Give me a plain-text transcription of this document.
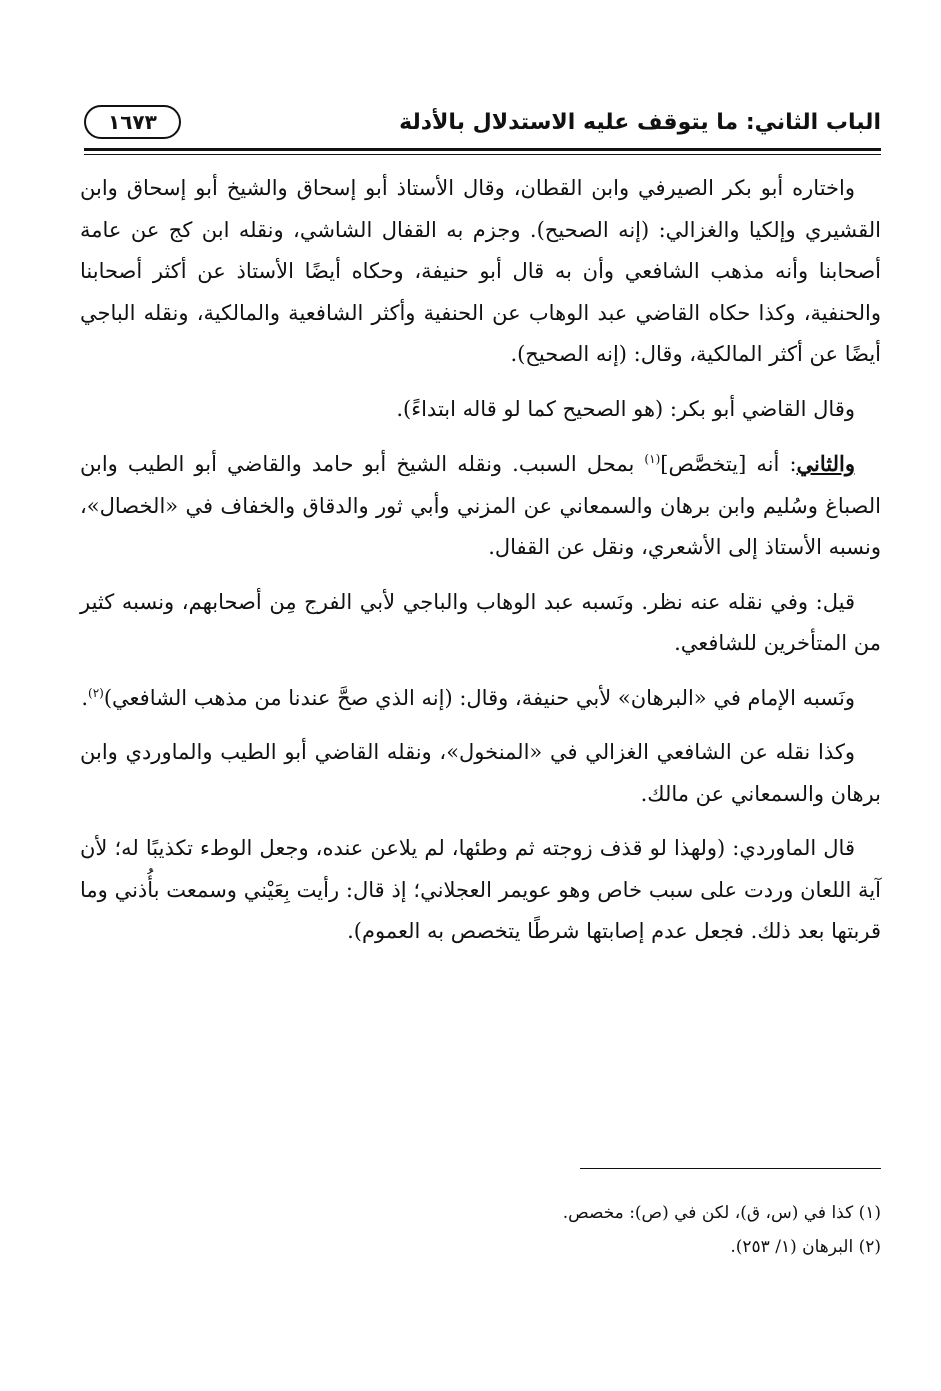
الباب الثاني: ما يتوقف عليه الاستدلال بالأدلة
١٦٧٣

واختاره أبو بكر الصيرفي وابن القطان، وقال الأستاذ أبو إسحاق والشيخ أبو إسحاق وابن القشيري وإلكيا والغزالي: (إنه الصحيح). وجزم به القفال الشاشي، ونقله ابن كج عن عامة أصحابنا وأنه مذهب الشافعي وأن به قال أبو حنيفة، وحكاه أيضًا الأستاذ عن أكثر أصحابنا والحنفية، وكذا حكاه القاضي عبد الوهاب عن الحنفية وأكثر الشافعية والمالكية، ونقله الباجي أيضًا عن أكثر المالكية، وقال: (إنه الصحيح).

وقال القاضي أبو بكر: (هو الصحيح كما لو قاله ابتداءً).

والثاني: أنه [يتخصَّص]$^{(١)}$ بمحل السبب. ونقله الشيخ أبو حامد والقاضي أبو الطيب وابن الصباغ وسُليم وابن برهان والسمعاني عن المزني وأبي ثور والدقاق والخفاف في «الخصال»، ونسبه الأستاذ إلى الأشعري، ونقل عن القفال.

قيل: وفي نقله عنه نظر. ونَسبه عبد الوهاب والباجي لأبي الفرج مِن أصحابهم، ونسبه كثير من المتأخرين للشافعي.

ونَسبه الإمام في «البرهان» لأبي حنيفة، وقال: (إنه الذي صحَّ عندنا من مذهب الشافعي)$^{(٢)}$.

وكذا نقله عن الشافعي الغزالي في «المنخول»، ونقله القاضي أبو الطيب والماوردي وابن برهان والسمعاني عن مالك.

قال الماوردي: (ولهذا لو قذف زوجته ثم وطئها، لم يلاعن عنده، وجعل الوطء تكذيبًا له؛ لأن آية اللعان وردت على سبب خاص وهو عويمر العجلاني؛ إذ قال: رأيت بِعَيْني وسمعت بأُذني وما قربتها بعد ذلك. فجعل عدم إصابتها شرطًا يتخصص به العموم).

(١) كذا في (س، ق)، لكن في (ص): مخصص.

(٢) البرهان (١/ ٢٥٣).
